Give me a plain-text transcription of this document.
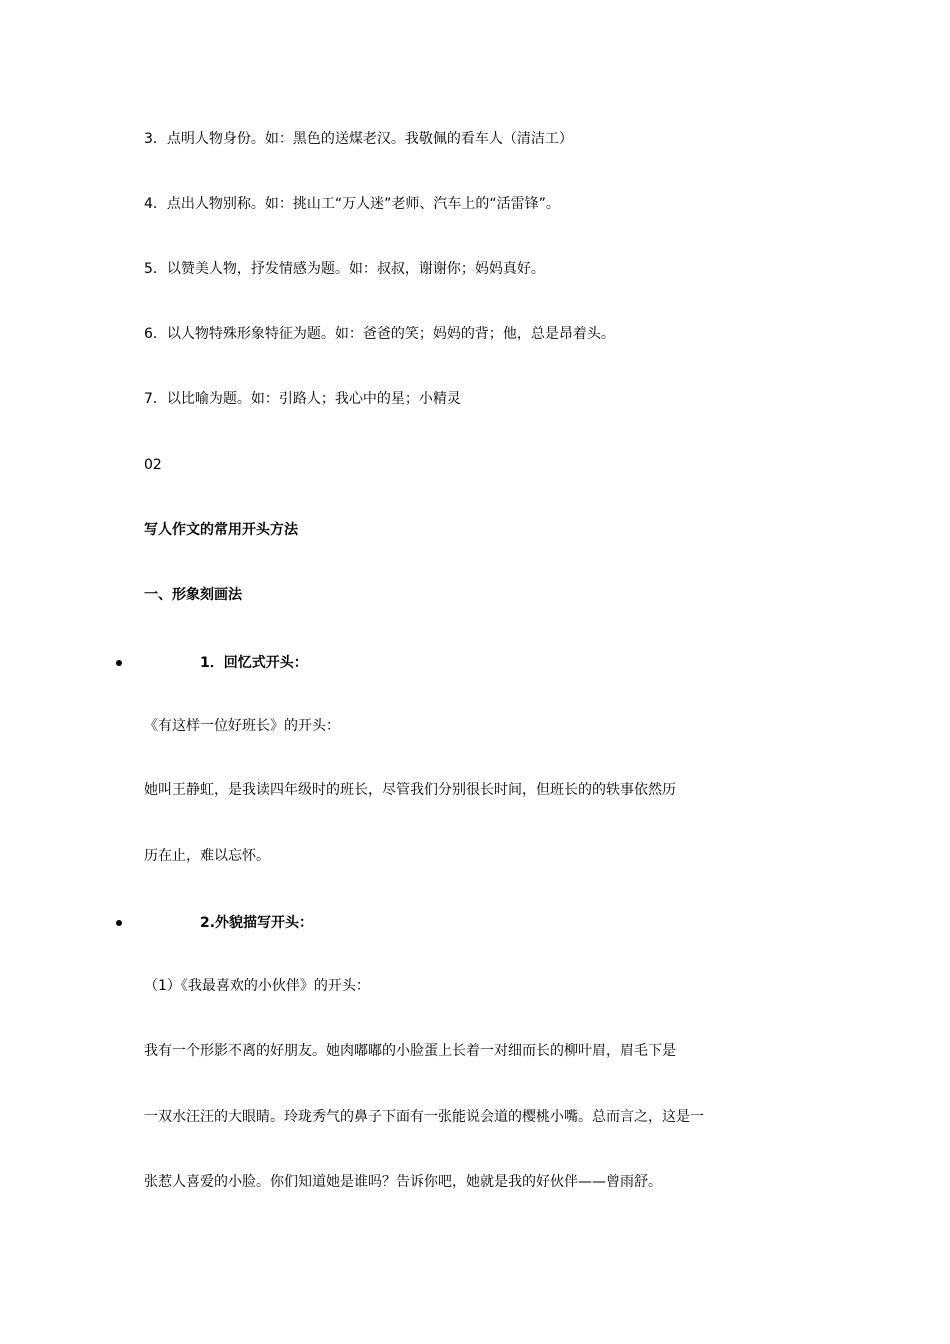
3．点明人物身份。如：黑色的送煤老汉。我敬佩的看车人（清洁工）
4．点出人物别称。如：挑山工“万人迷”老师、汽车上的“活雷锋”。
5．以赞美人物，抒发情感为题。如：叔叔，谢谢你；妈妈真好。
6．以人物特殊形象特征为题。如：爸爸的笑；妈妈的背；他，总是昂着头。
7．以比喻为题。如：引路人；我心中的星；小精灵
02
写人作文的常用开头方法
一、形象刻画法
1．回忆式开头：
《有这样一位好班长》的开头：
她叫王静虹，是我读四年级时的班长，尽管我们分别很长时间，但班长的的轶事依然历
历在止，难以忘怀。
2.外貌描写开头：
（1）《我最喜欢的小伙伴》的开头：
我有一个形影不离的好朋友。她肉嘟嘟的小脸蛋上长着一对细而长的柳叶眉，眉毛下是
一双水汪汪的大眼睛。玲珑秀气的鼻子下面有一张能说会道的樱桃小嘴。总而言之，这是一
张惹人喜爱的小脸。你们知道她是谁吗？告诉你吧，她就是我的好伙伴——曾雨舒。
